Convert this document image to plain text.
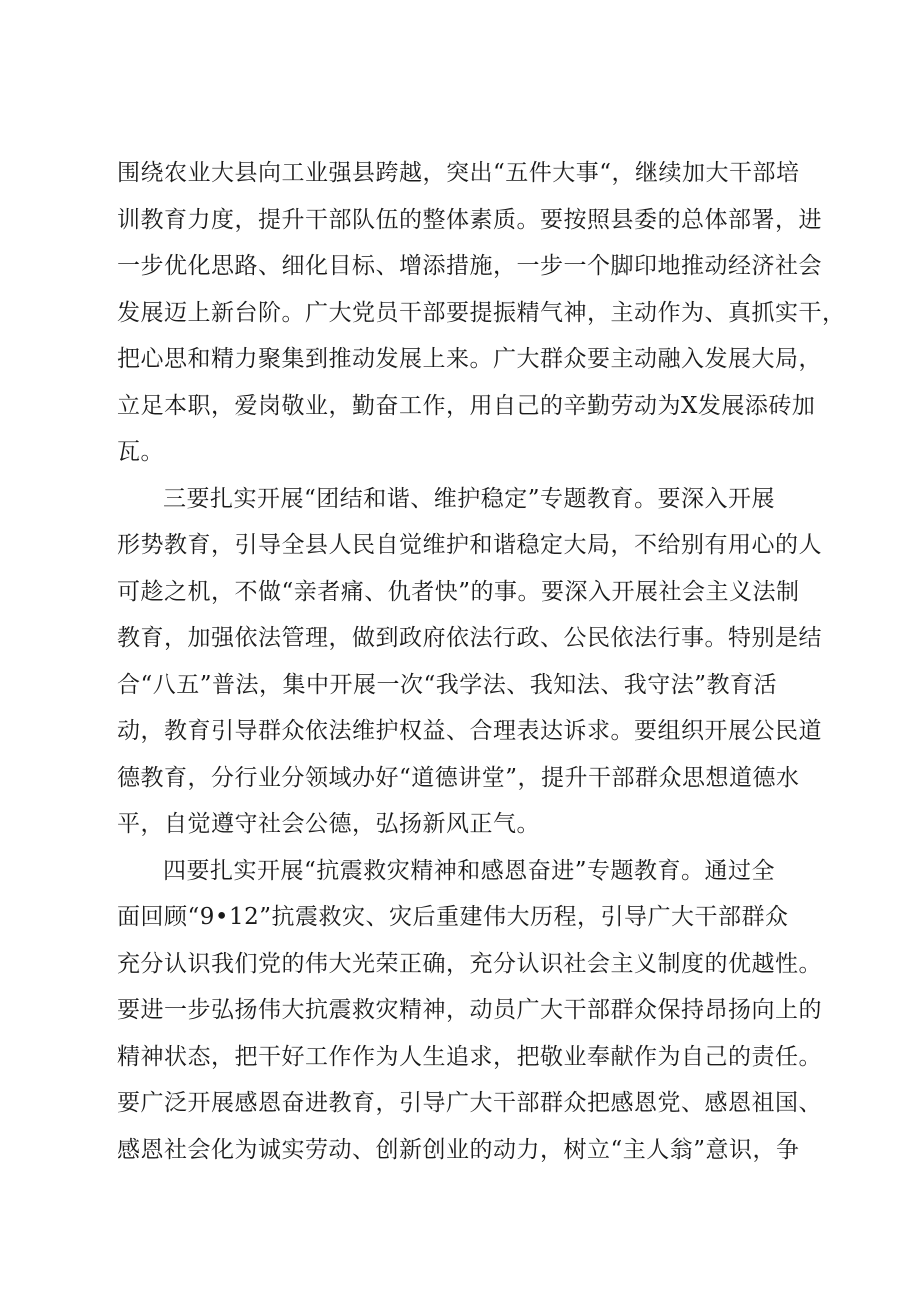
围绕农业大县向工业强县跨越，突出“五件大事“，继续加大干部培
训教育力度，提升干部队伍的整体素质。要按照县委的总体部署，进
一步优化思路、细化目标、增添措施，一步一个脚印地推动经济社会
发展迈上新台阶。广大党员干部要提振精气神，主动作为、真抓实干，
把心思和精力聚集到推动发展上来。广大群众要主动融入发展大局，
立足本职，爱岗敬业，勤奋工作，用自己的辛勤劳动为X发展添砖加
瓦。
三要扎实开展“团结和谐、维护稳定”专题教育。要深入开展
形势教育，引导全县人民自觉维护和谐稳定大局，不给别有用心的人
可趁之机，不做“亲者痛、仇者快”的事。要深入开展社会主义法制
教育，加强依法管理，做到政府依法行政、公民依法行事。特别是结
合“八五”普法，集中开展一次“我学法、我知法、我守法”教育活
动，教育引导群众依法维护权益、合理表达诉求。要组织开展公民道
德教育，分行业分领域办好“道德讲堂”，提升干部群众思想道德水
平，自觉遵守社会公德，弘扬新风正气。
四要扎实开展“抗震救灾精神和感恩奋进”专题教育。通过全
面回顾“9•12”抗震救灾、灾后重建伟大历程，引导广大干部群众
充分认识我们党的伟大光荣正确，充分认识社会主义制度的优越性。
要进一步弘扬伟大抗震救灾精神，动员广大干部群众保持昂扬向上的
精神状态，把干好工作作为人生追求，把敬业奉献作为自己的责任。
要广泛开展感恩奋进教育，引导广大干部群众把感恩党、感恩祖国、
感恩社会化为诚实劳动、创新创业的动力，树立“主人翁”意识，争
